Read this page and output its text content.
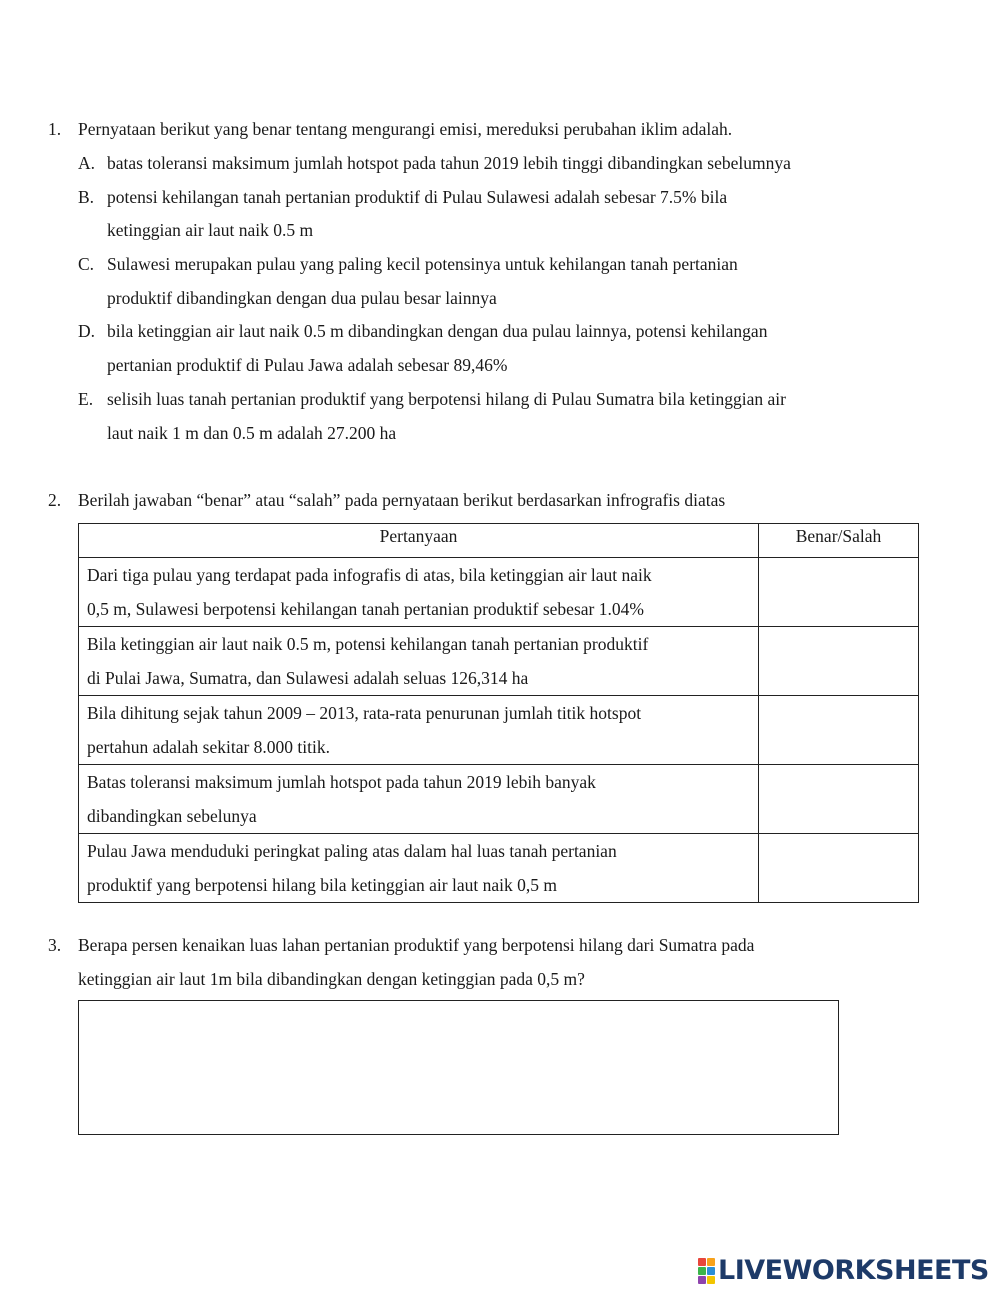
1. Pernyataan berikut yang benar tentang mengurangi emisi, mereduksi perubahan iklim adalah.
A. batas toleransi maksimum jumlah hotspot pada tahun 2019 lebih tinggi dibandingkan sebelumnya
B. potensi kehilangan tanah pertanian produktif di Pulau Sulawesi adalah sebesar 7.5% bila
ketinggian air laut naik 0.5 m
C. Sulawesi merupakan pulau yang paling kecil potensinya untuk kehilangan tanah pertanian
produktif dibandingkan dengan dua pulau besar lainnya
D. bila ketinggian air laut naik 0.5 m dibandingkan dengan dua pulau lainnya, potensi kehilangan
pertanian produktif di Pulau Jawa adalah sebesar 89,46%
E. selisih luas tanah pertanian produktif yang berpotensi hilang di Pulau Sumatra bila ketinggian air
laut naik 1 m dan 0.5 m adalah 27.200 ha
2. Berilah jawaban “benar” atau “salah” pada pernyataan berikut berdasarkan infrografis diatas
Pertanyaan	Benar/Salah

Dari tiga pulau yang terdapat pada infografis di atas, bila ketinggian air laut naik
0,5 m, Sulawesi berpotensi kehilangan tanah pertanian produktif sebesar 1.04%	

Bila ketinggian air laut naik 0.5 m, potensi kehilangan tanah pertanian produktif
di Pulai Jawa, Sumatra, dan Sulawesi adalah seluas 126,314 ha	

Bila dihitung sejak tahun 2009 – 2013, rata-rata penurunan jumlah titik hotspot
pertahun adalah sekitar 8.000 titik.	

Batas toleransi maksimum jumlah hotspot pada tahun 2019 lebih banyak
dibandingkan sebelunya	

Pulau Jawa menduduki peringkat paling atas dalam hal luas tanah pertanian
produktif yang berpotensi hilang bila ketinggian air laut naik 0,5 m	

3. Berapa persen kenaikan luas lahan pertanian produktif yang berpotensi hilang dari Sumatra pada
ketinggian air laut 1m bila dibandingkan dengan ketinggian pada 0,5 m?
LIVEWORKSHEETS
